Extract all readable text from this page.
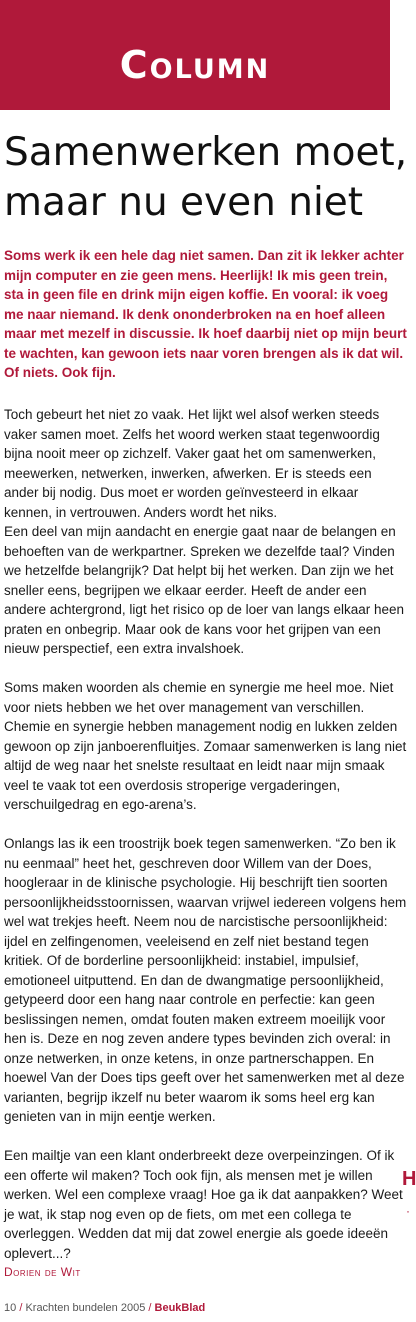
Column
Samenwerken moet, maar nu even niet
Soms werk ik een hele dag niet samen. Dan zit ik lekker achter mijn computer en zie geen mens. Heerlijk! Ik mis geen trein, sta in geen file en drink mijn eigen koffie. En vooral: ik voeg me naar niemand. Ik denk ononderbroken na en hoef alleen maar met mezelf in discussie. Ik hoef daarbij niet op mijn beurt te wachten, kan gewoon iets naar voren brengen als ik dat wil. Of niets. Ook fijn.

Toch gebeurt het niet zo vaak. Het lijkt wel alsof werken steeds vaker samen moet. Zelfs het woord werken staat tegenwoordig bijna nooit meer op zichzelf. Vaker gaat het om samenwerken, meewerken, netwerken, inwerken, afwerken. Er is steeds een ander bij nodig. Dus moet er worden geïnvesteerd in elkaar kennen, in vertrouwen. Anders wordt het niks.

Een deel van mijn aandacht en energie gaat naar de belangen en behoeften van de werkpartner. Spreken we dezelfde taal? Vinden we hetzelfde belangrijk? Dat helpt bij het werken. Dan zijn we het sneller eens, begrijpen we elkaar eerder. Heeft de ander een andere achtergrond, ligt het risico op de loer van langs elkaar heen praten en onbegrip. Maar ook de kans voor het grijpen van een nieuw perspectief, een extra invalshoek.

Soms maken woorden als chemie en synergie me heel moe. Niet voor niets hebben we het over management van verschillen. Chemie en synergie hebben management nodig en lukken zelden gewoon op zijn janboerenfluitjes. Zomaar samenwerken is lang niet altijd de weg naar het snelste resultaat en leidt naar mijn smaak veel te vaak tot een overdosis stroperige vergaderingen, verschuilgedrag en ego-arena’s.

Onlangs las ik een troostrijk boek tegen samenwerken. “Zo ben ik nu eenmaal” heet het, geschreven door Willem van der Does, hoogleraar in de klinische psychologie. Hij beschrijft tien soorten persoonlijkheidsstoornissen, waarvan vrijwel iedereen volgens hem wel wat trekjes heeft. Neem nou de narcistische persoonlijkheid: ijdel en zelfingenomen, veeleisend en zelf niet bestand tegen kritiek. Of de borderline persoonlijkheid: instabiel, impulsief, emotioneel uitputtend. En dan de dwangmatige persoonlijkheid, getypeerd door een hang naar controle en perfectie: kan geen beslissingen nemen, omdat fouten maken extreem moeilijk voor hen is. Deze en nog zeven andere types bevinden zich overal: in onze netwerken, in onze ketens, in onze partnerschappen. En hoewel Van der Does tips geeft over het samenwerken met al deze varianten, begrijp ikzelf nu beter waarom ik soms heel erg kan genieten van in mijn eentje werken.

Een mailtje van een klant onderbreekt deze overpeinzingen. Of ik een offerte wil maken? Toch ook fijn, als mensen met je willen werken. Wel een complexe vraag! Hoe ga ik dat aanpakken? Weet je wat, ik stap nog even op de fiets, om met een collega te overleggen. Wedden dat mij dat zowel energie als goede ideeën oplevert...?

Dorien de Wit
10 / Krachten bundelen 2005 / BeukBlad
H
·
